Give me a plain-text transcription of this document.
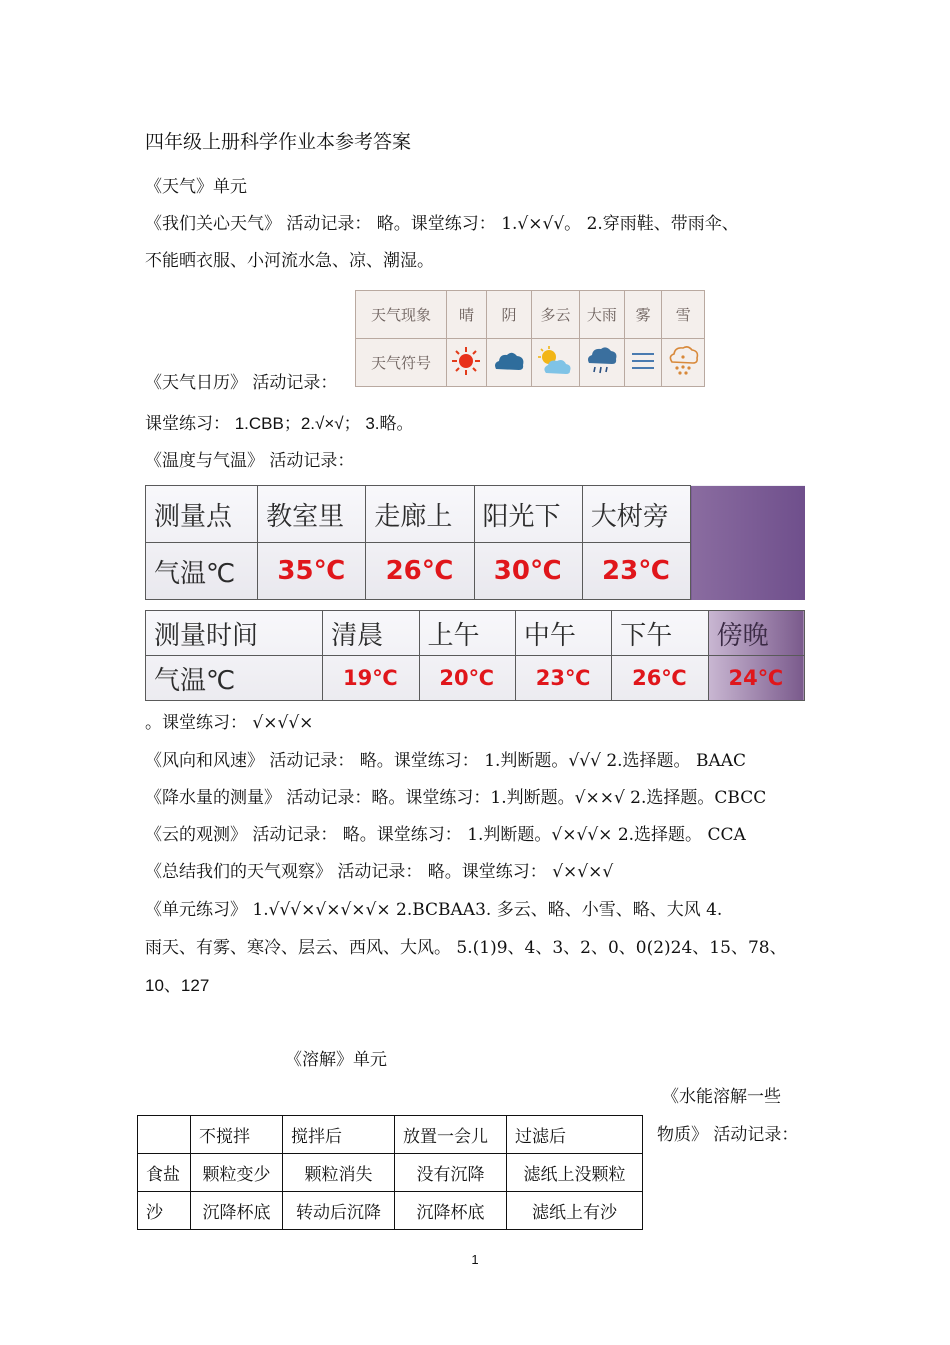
四年级上册科学作业本参考答案
《天气》单元
《我们关心天气》 活动记录： 略。课堂练习： 1.√×√√。 2.穿雨鞋、带雨伞、
不能晒衣服、小河流水急、凉、潮湿。
《天气日历》 活动记录：
天气现象	晴	阴	多云	大雨	雾	雪
天气符号						
课堂练习： 1.CBB；2.√×√； 3.略。
《温度与气温》 活动记录：
测量点	教室里	走廊上	阳光下	大树旁	
气温℃	35℃	26℃	30℃	23℃	
测量时间	清晨	上午	中午	下午	傍晚
气温℃	19℃	20℃	23℃	26℃	24℃
。课堂练习： √×√√×
《风向和风速》 活动记录： 略。课堂练习： 1.判断题。√√√ 2.选择题。 BAAC
《降水量的测量》 活动记录：略。课堂练习：1.判断题。√××√ 2.选择题。CBCC
《云的观测》 活动记录： 略。课堂练习： 1.判断题。√×√√× 2.选择题。 CCA
《总结我们的天气观察》 活动记录： 略。课堂练习： √×√×√
《单元练习》 1.√√√×√×√×√× 2.BCBAA3. 多云、略、小雪、略、大风 4.
雨天、有雾、寒冷、层云、西风、大风。 5.(1)9、4、3、2、0、0(2)24、15、78、
10、127
《溶解》单元
《水能溶解一些
物质》 活动记录：
	不搅拌	搅拌后	放置一会儿	过滤后
食盐	颗粒变少	颗粒消失	没有沉降	滤纸上没颗粒
沙	沉降杯底	转动后沉降	沉降杯底	滤纸上有沙
1
